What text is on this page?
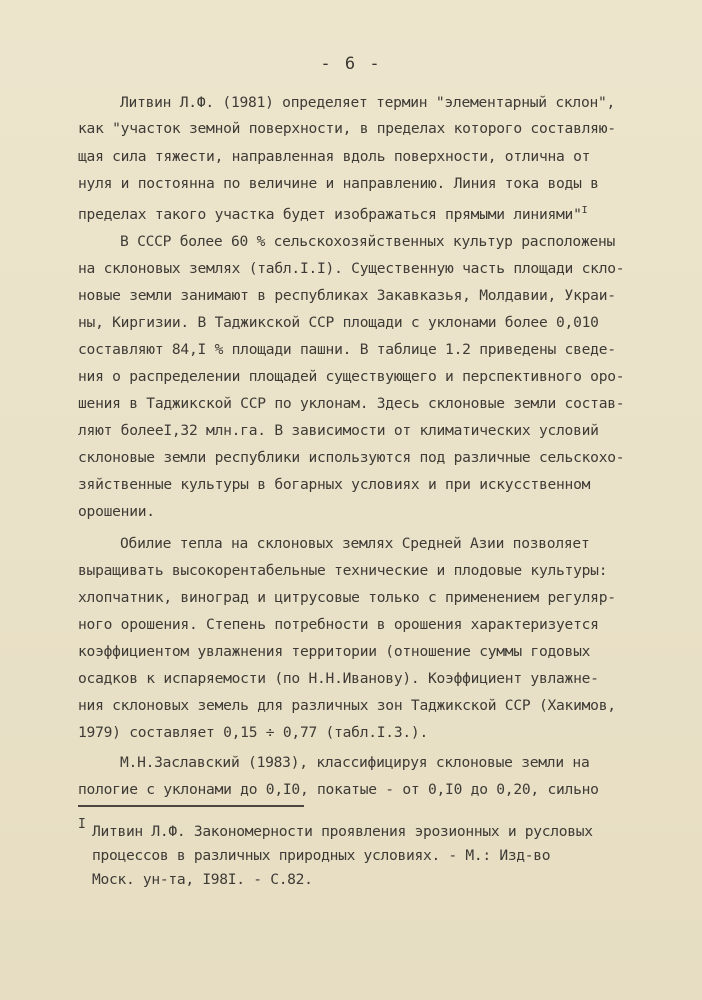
- 6 -
Литвин Л.Ф. (1981) определяет термин "элементарный склон",
как "участок земной поверхности, в пределах которого составляю-
щая сила тяжести, направленная вдоль поверхности, отлична от
нуля и постоянна по величине и направлению. Линия тока воды в
пределах такого участка будет изображаться прямыми линиями"$^I$
В СССР более 60 % сельскохозяйственных культур расположены
на склоновых землях (табл.I.I). Существенную часть площади скло-
новые земли занимают в республиках Закавказья, Молдавии, Украи-
ны, Киргизии. В Таджикской ССР площади с уклонами более 0,010
составляют 84,I % площади пашни. В таблице 1.2 приведены сведе-
ния о распределении площадей существующего и перспективного оро-
шения в Таджикской ССР по уклонам. Здесь склоновые земли состав-
ляют болееI,32 млн.га. В зависимости от климатических условий
склоновые земли республики используются под различные сельскохо-
зяйственные культуры в богарных условиях и при искусственном
орошении.
Обилие тепла на склоновых землях Средней Азии позволяет
выращивать высокорентабельные технические и плодовые культуры:
хлопчатник, виноград и цитрусовые только с применением регуляр-
ного орошения. Степень потребности в орошения характеризуется
коэффициентом увлажнения территории (отношение суммы годовых
осадков к испаряемости (по Н.Н.Иванову). Коэффициент увлажне-
ния склоновых земель для различных зон Таджикской ССР (Хакимов,
1979) составляет 0,15 ÷ 0,77 (табл.I.3.).
М.Н.Заславский (1983), классифицируя склоновые земли на
пологие с уклонами до 0,I0, покатые - от 0,I0 до 0,20, сильно
I Литвин Л.Ф. Закономерности проявления эрозионных и русловых
процессов в различных природных условиях. - М.: Изд-во
Моск. ун-та, I98I. - С.82.
